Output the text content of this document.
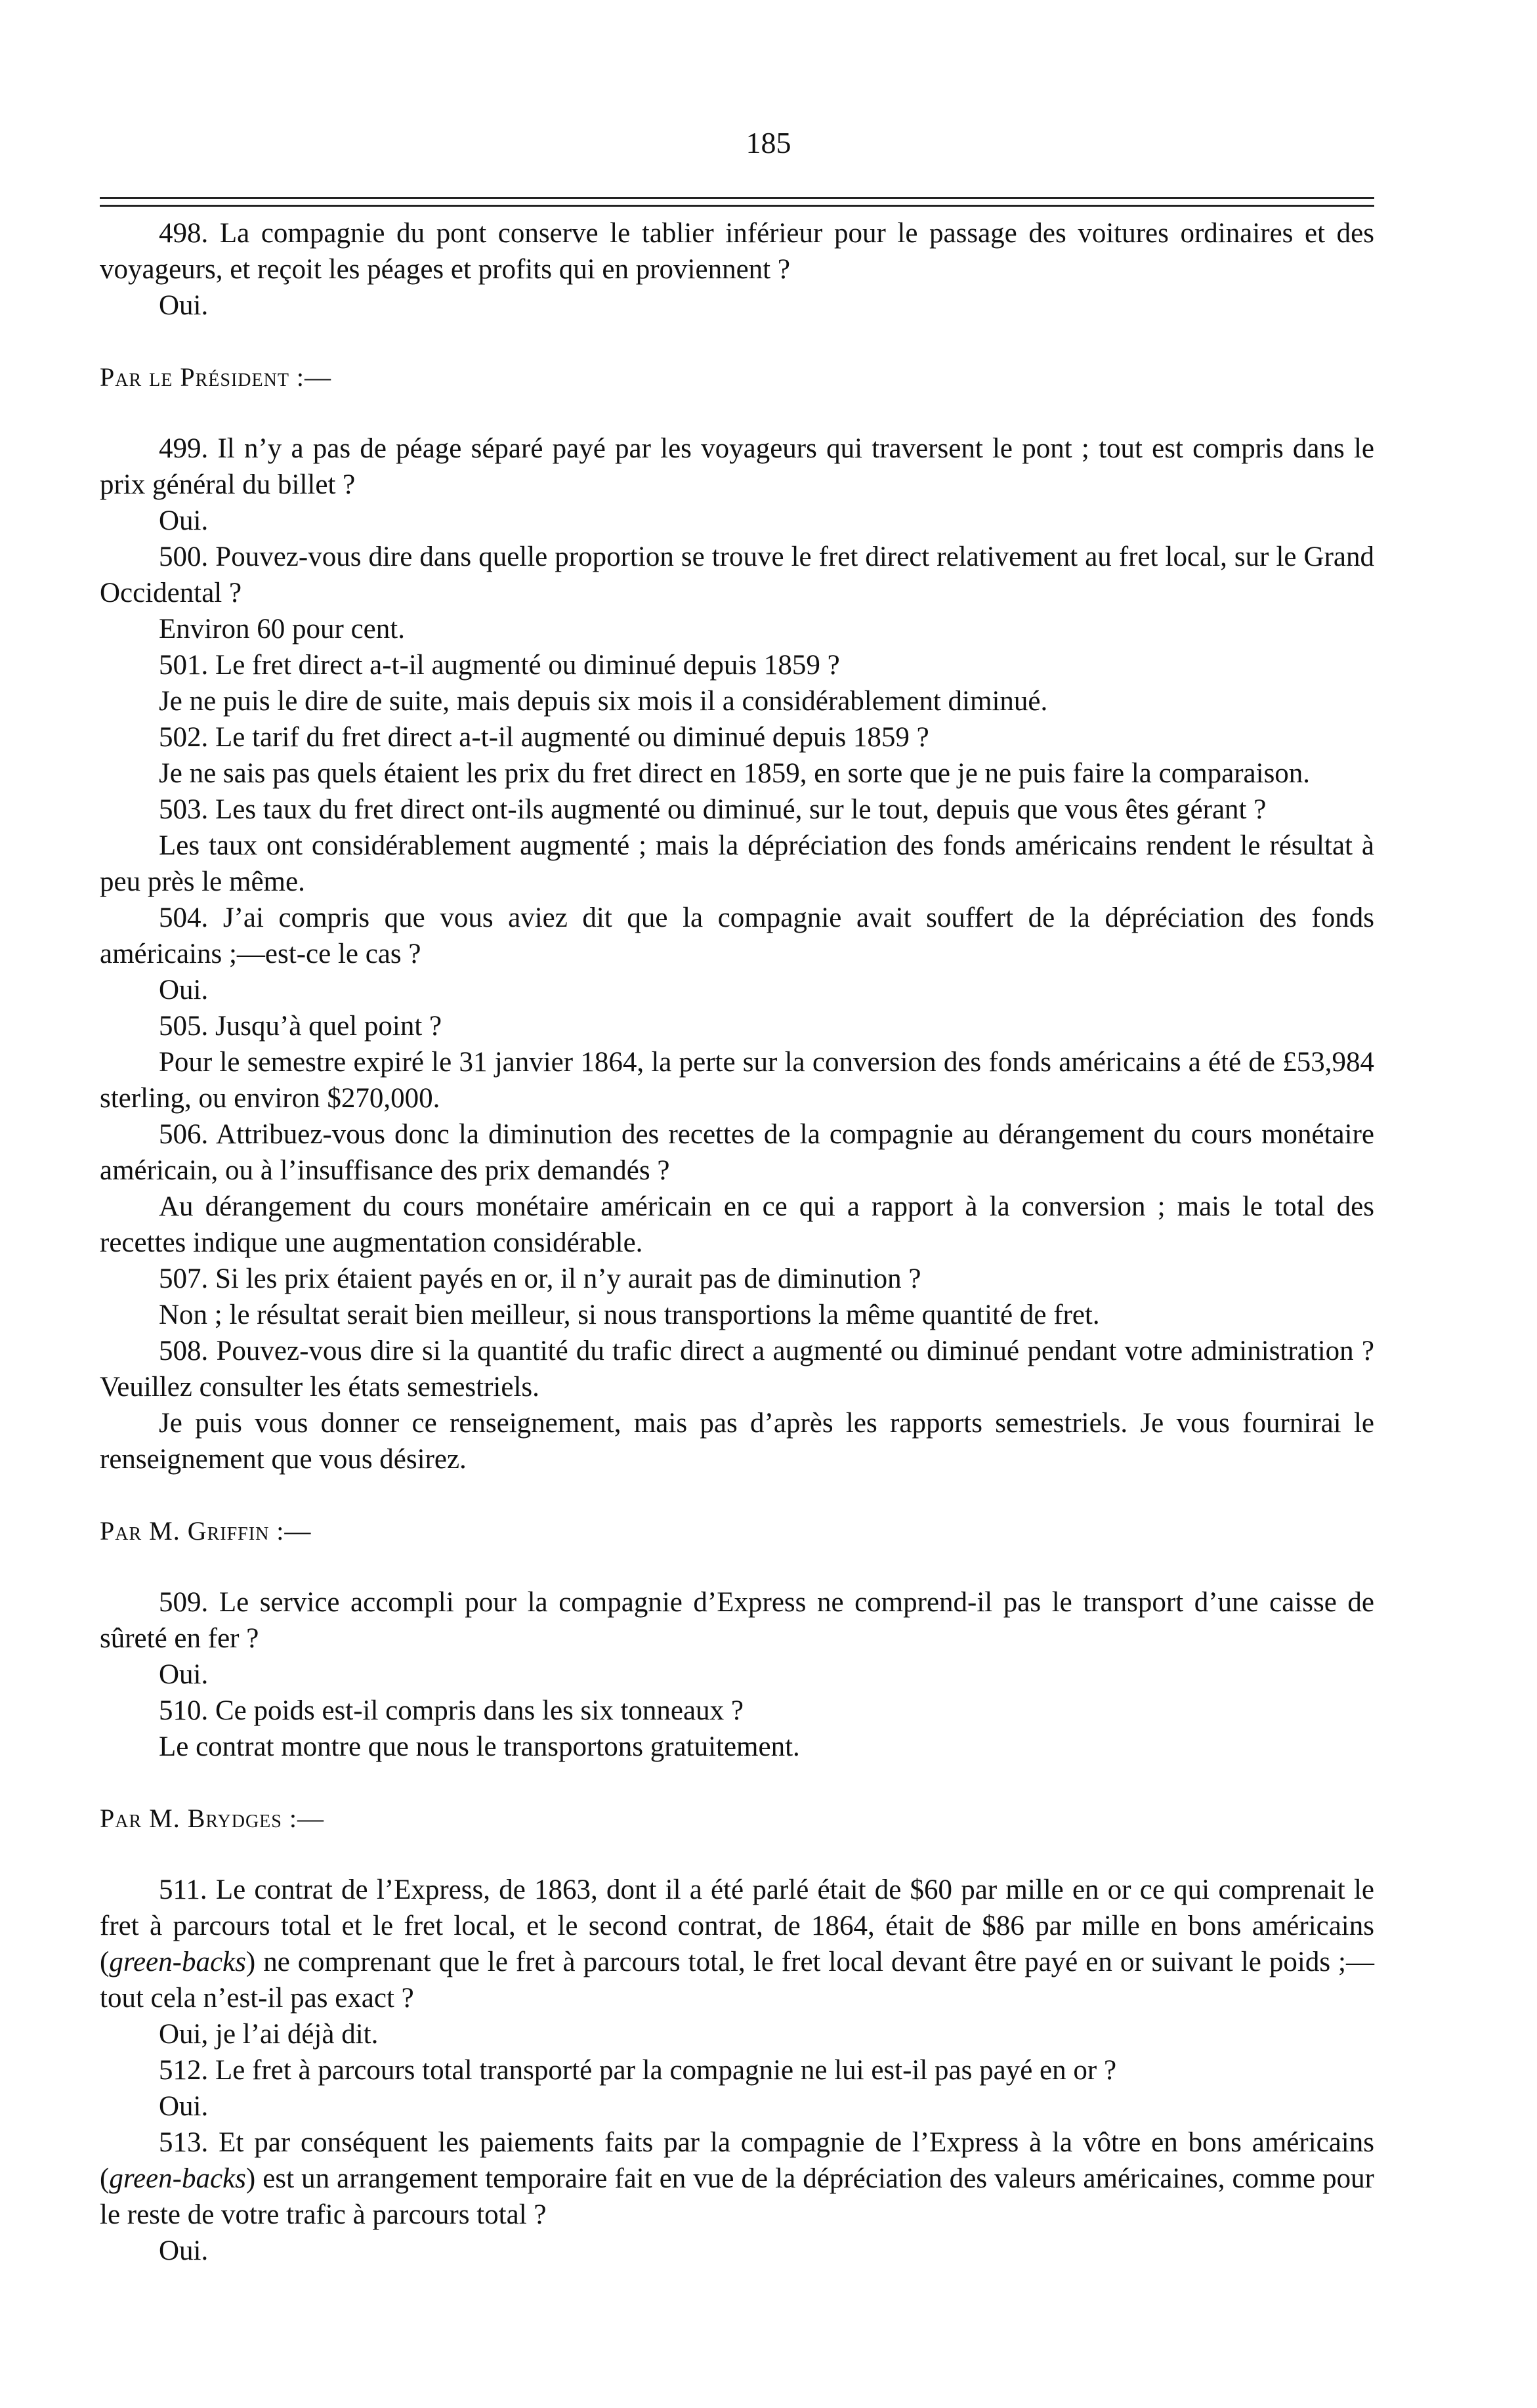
185

498. La compagnie du pont conserve le tablier inférieur pour le passage des voitures ordinaires et des voyageurs, et reçoit les péages et profits qui en proviennent ?

Oui.

Par le Président :—

499. Il n’y a pas de péage séparé payé par les voyageurs qui traversent le pont ; tout est compris dans le prix général du billet ?

Oui.

500. Pouvez-vous dire dans quelle proportion se trouve le fret direct relativement au fret local, sur le Grand Occidental ?

Environ 60 pour cent.

501. Le fret direct a-t-il augmenté ou diminué depuis 1859 ?

Je ne puis le dire de suite, mais depuis six mois il a considérablement diminué.

502. Le tarif du fret direct a-t-il augmenté ou diminué depuis 1859 ?

Je ne sais pas quels étaient les prix du fret direct en 1859, en sorte que je ne puis faire la comparaison.

503. Les taux du fret direct ont-ils augmenté ou diminué, sur le tout, depuis que vous êtes gérant ?

Les taux ont considérablement augmenté ; mais la dépréciation des fonds américains rendent le résultat à peu près le même.

504. J’ai compris que vous aviez dit que la compagnie avait souffert de la dépréciation des fonds américains ;—est-ce le cas ?

Oui.

505. Jusqu’à quel point ?

Pour le semestre expiré le 31 janvier 1864, la perte sur la conversion des fonds américains a été de £53,984 sterling, ou environ $270,000.

506. Attribuez-vous donc la diminution des recettes de la compagnie au dérangement du cours monétaire américain, ou à l’insuffisance des prix demandés ?

Au dérangement du cours monétaire américain en ce qui a rapport à la conversion ; mais le total des recettes indique une augmentation considérable.

507. Si les prix étaient payés en or, il n’y aurait pas de diminution ?

Non ; le résultat serait bien meilleur, si nous transportions la même quantité de fret.

508. Pouvez-vous dire si la quantité du trafic direct a augmenté ou diminué pendant votre administration ? Veuillez consulter les états semestriels.

Je puis vous donner ce renseignement, mais pas d’après les rapports semestriels. Je vous fournirai le renseignement que vous désirez.

Par M. Griffin :—

509. Le service accompli pour la compagnie d’Express ne comprend-il pas le transport d’une caisse de sûreté en fer ?

Oui.

510. Ce poids est-il compris dans les six tonneaux ?

Le contrat montre que nous le transportons gratuitement.

Par M. Brydges :—

511. Le contrat de l’Express, de 1863, dont il a été parlé était de $60 par mille en or ce qui comprenait le fret à parcours total et le fret local, et le second contrat, de 1864, était de $86 par mille en bons américains (green-backs) ne comprenant que le fret à parcours total, le fret local devant être payé en or suivant le poids ;—tout cela n’est-il pas exact ?

Oui, je l’ai déjà dit.

512. Le fret à parcours total transporté par la compagnie ne lui est-il pas payé en or ?

Oui.

513. Et par conséquent les paiements faits par la compagnie de l’Express à la vôtre en bons américains (green-backs) est un arrangement temporaire fait en vue de la dépréciation des valeurs américaines, comme pour le reste de votre trafic à parcours total ?

Oui.
